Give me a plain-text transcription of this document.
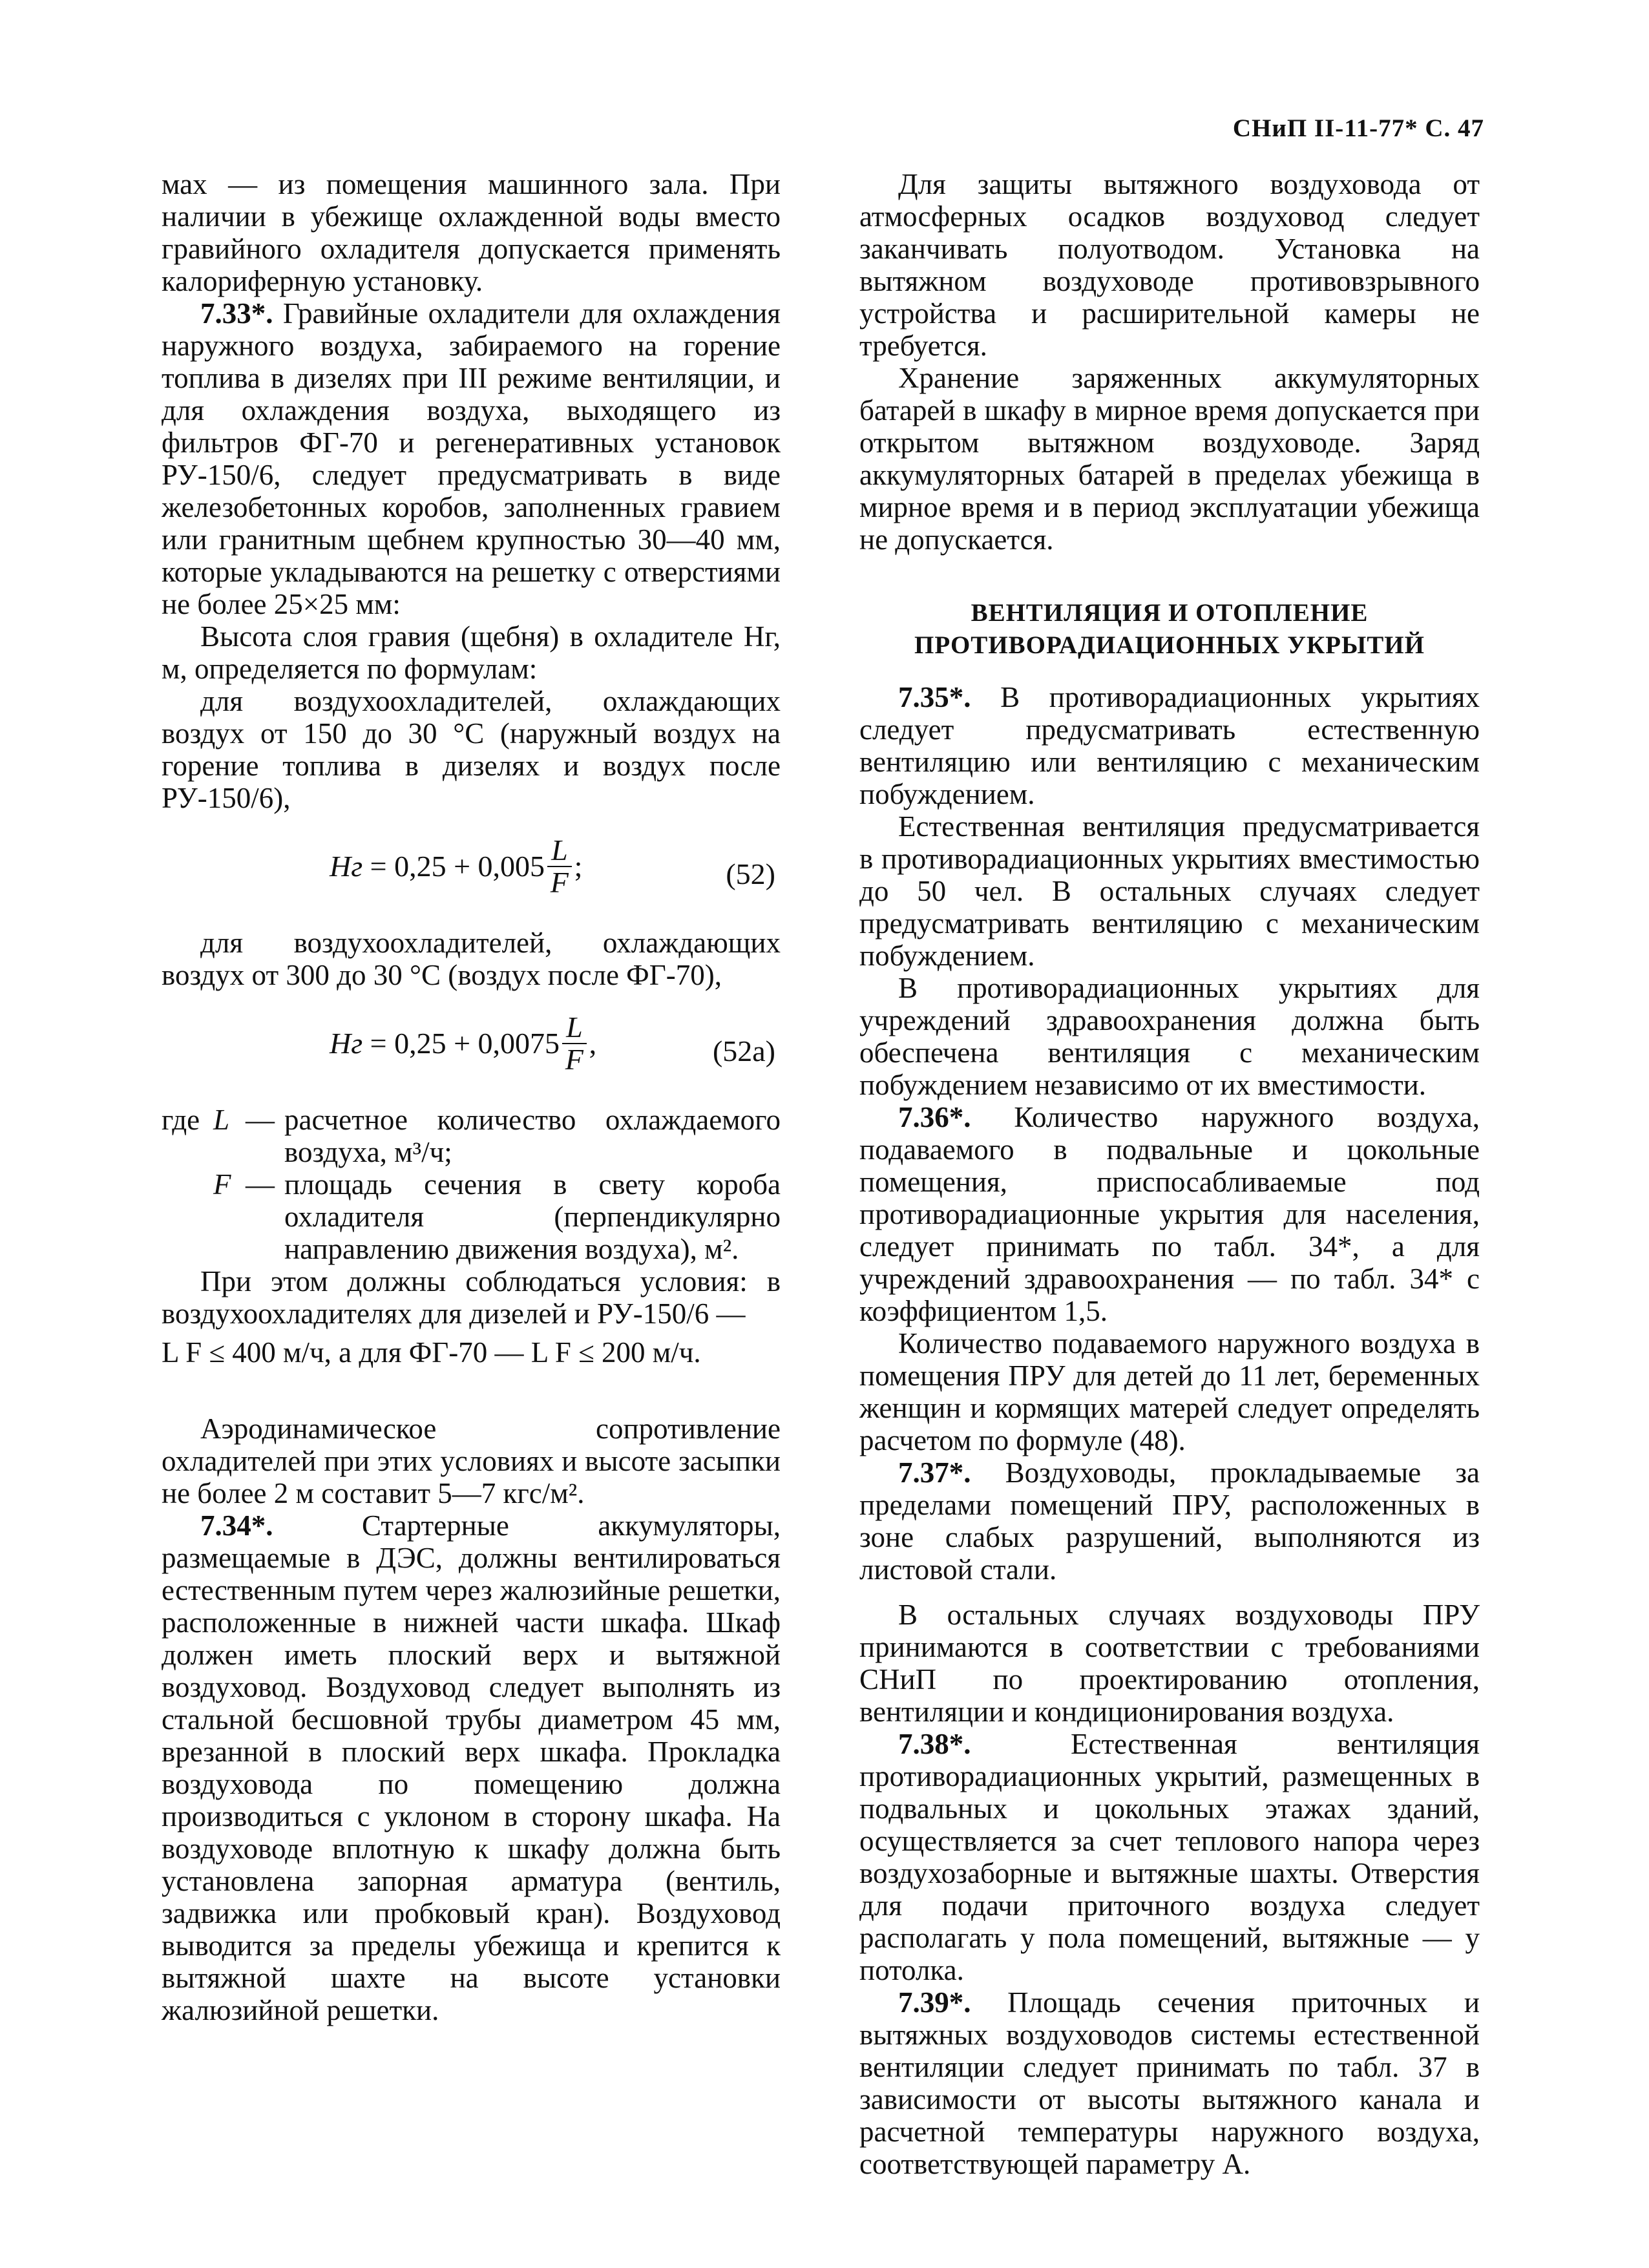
СНиП II-11-77* С. 47

мах — из помещения машинного зала. При наличии в убежище охлажденной воды вместо гравийного охладителя допускается применять калориферную установку.

7.33*. Гравийные охладители для охлаждения наружного воздуха, забираемого на горение топлива в дизелях при III режиме вентиляции, и для охлаждения воздуха, выходящего из фильтров ФГ-70 и регенеративных установок РУ-150/6, следует предусматривать в виде железобетонных коробов, заполненных гравием или гранитным щебнем крупностью 30—40 мм, которые укладываются на решетку с отверстиями не более 25×25 мм:

Высота слоя гравия (щебня) в охладителе Hг, м, определяется по формулам:

для воздухоохладителей, охлаждающих воздух от 150 до 30 °С (наружный воздух на горение топлива в дизелях и воздух после РУ-150/6),

Hг
= $0,25 + 0,005 \frac{L}{F}$ ;	(52)

для воздухоохладителей, охлаждающих воздух от 300 до 30 °С (воздух после ФГ-70),

Hг
= $0,25 + 0,0075 \frac{L}{F}$ ,	(52а)
где L — расчетное количество охлаждаемого воздуха, м³/ч;
F — площадь сечения в свету короба охладителя (перпендикулярно направлению движения воздуха), м².

При этом должны соблюдаться условия: в воздухоохладителях для дизелей и РУ-150/6 —

L F
≤ 400 м/ч, а для ФГ-70 —
L F
≤ 200 м/ч.

Аэродинамическое сопротивление охладителей при этих условиях и высоте засыпки не более 2 м составит 5—7 кгс/м².

7.34*.	Стартерные аккумуляторы, размещаемые в ДЭС, должны вентилироваться естественным путем через жалюзийные решетки, расположенные в нижней части шкафа. Шкаф должен иметь плоский верх и вытяжной воздуховод. Воздуховод следует выполнять из стальной бесшовной трубы диаметром 45 мм, врезанной в плоский верх шкафа. Прокладка воздуховода по помещению должна производиться с уклоном в сторону шкафа. На воздуховоде вплотную к шкафу должна быть установлена запорная арматура (вентиль, задвижка или пробковый кран). Воздуховод выводится за пределы убежища и крепится к вытяжной шахте на высоте установки жалюзийной решетки.

Для защиты вытяжного воздуховода от атмосферных осадков воздуховод следует заканчивать полуотводом. Установка на вытяжном воздуховоде противовзрывного устройства и расширительной камеры не требуется.

Хранение заряженных аккумуляторных батарей в шкафу в мирное время допускается при открытом вытяжном воздуховоде. Заряд аккумуляторных батарей в пределах убежища в мирное время и в период эксплуатации убежища не допускается.

ВЕНТИЛЯЦИЯ И ОТОПЛЕНИЕ
ПРОТИВОРАДИАЦИОННЫХ УКРЫТИЙ

7.35*. В противорадиационных укрытиях следует предусматривать естественную вентиляцию или вентиляцию с механическим побуждением.

Естественная вентиляция предусматривается в противорадиационных укрытиях вместимостью до 50 чел. В остальных случаях следует предусматривать вентиляцию с механическим побуждением.

В противорадиационных укрытиях для учреждений здравоохранения должна быть обеспечена вентиляция с механическим побуждением независимо от их вместимости.

7.36*. Количество наружного воздуха, подаваемого в подвальные и цокольные помещения, приспосабливаемые под противорадиационные укрытия для населения, следует принимать по табл. 34*, а для учреждений здравоохранения — по табл. 34* с коэффициентом 1,5.

Количество подаваемого наружного воздуха в помещения ПРУ для детей до 11 лет, беременных женщин и кормящих матерей следует определять расчетом по формуле (48).

7.37*. Воздуховоды, прокладываемые за пределами помещений ПРУ, расположенных в зоне слабых разрушений, выполняются из листовой стали.

В остальных случаях воздуховоды ПРУ принимаются в соответствии с требованиями СНиП по проектированию отопления, вентиляции и кондиционирования воздуха.

7.38*.	Естественная вентиляция противорадиационных укрытий, размещенных в подвальных и цокольных этажах зданий, осуществляется за счет теплового напора через воздухозаборные и вытяжные шахты. Отверстия для подачи приточного воздуха следует располагать у пола помещений, вытяжные — у потолка.

7.39*. Площадь сечения приточных и вытяжных воздуховодов системы естественной вентиляции следует принимать по табл. 37 в зависимости от высоты вытяжного канала и расчетной температуры наружного воздуха, соответствующей параметру А.
